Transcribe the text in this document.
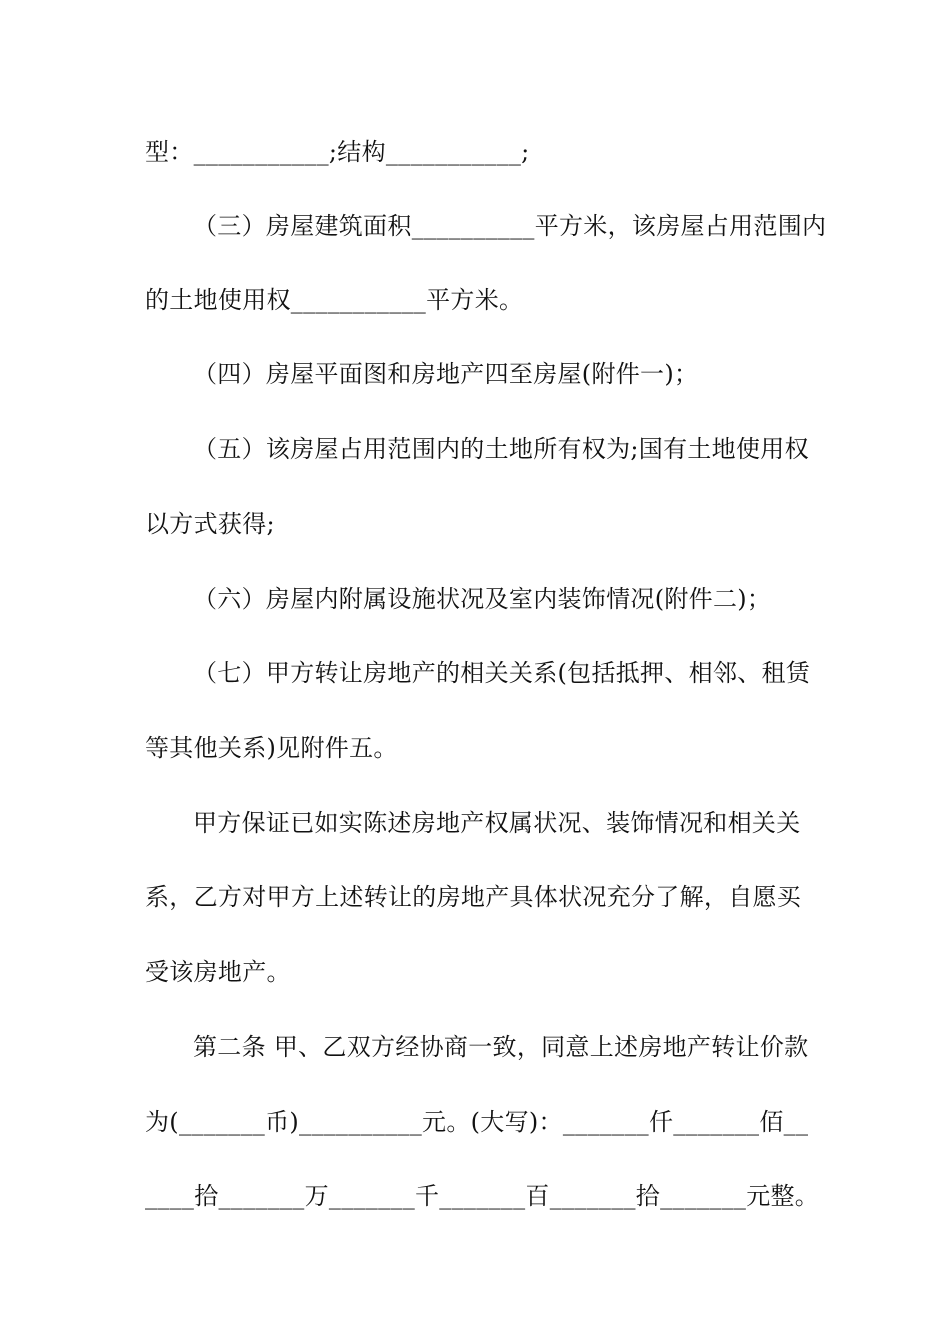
型：___________;结构___________;
（三）房屋建筑面积__________平方米，该房屋占用范围内
的土地使用权___________平方米。
（四）房屋平面图和房地产四至房屋(附件一)；
（五）该房屋占用范围内的土地所有权为;国有土地使用权
以方式获得;
（六）房屋内附属设施状况及室内装饰情况(附件二)；
（七）甲方转让房地产的相关关系(包括抵押、相邻、租赁
等其他关系)见附件五。
甲方保证已如实陈述房地产权属状况、装饰情况和相关关
系，乙方对甲方上述转让的房地产具体状况充分了解，自愿买
受该房地产。
第二条 甲、乙双方经协商一致，同意上述房地产转让价款
为(_______币)__________元。(大写)：_______仟_______佰__
____拾_______万_______千_______百_______拾_______元整。
